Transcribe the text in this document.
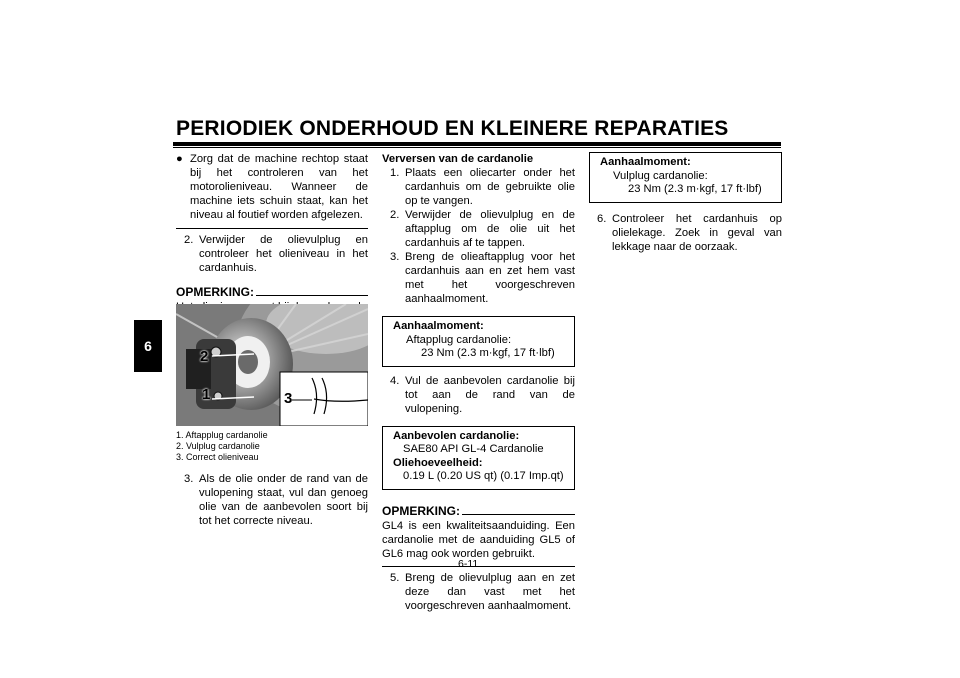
PERIODIEK ONDERHOUD EN KLEINERE REPARATIES
6
● Zorg dat de machine rechtop staat bij het controleren van het motorolieniveau. Wanneer de machine iets schuin staat, kan het niveau al foutief worden afgelezen.
2. Verwijder de olievulplug en controleer het olieniveau in het cardanhuis.
OPMERKING:

2
1	3
1. Aftapplug cardanolie
2. Vulplug cardanolie
3. Correct olieniveau
3. Als de olie onder de rand van de vulopening staat, vul dan genoeg olie van de aanbevolen soort bij tot het correcte niveau.

Verversen van de cardanolie

1. Plaats een oliecarter onder het cardanhuis om de gebruikte olie op te vangen.
2. Verwijder de olievulplug en de aftapplug om de olie uit het cardanhuis af te tappen.
3. Breng de olieaftapplug voor het cardanhuis aan en zet hem vast met het voorgeschreven aanhaalmoment.
Aanhaalmoment:
Aftapplug cardanolie:
23 Nm (2.3 m·kgf, 17 ft·lbf)
4. Vul de aanbevolen cardanolie bij tot aan de rand van de vulopening.
Aanbevolen cardanolie:
SAE80 API GL-4 Cardanolie
Oliehoeveelheid:
0.19 L (0.20 US qt) (0.17 Imp.qt)
OPMERKING:

GL4 is een kwaliteitsaanduiding. Een cardanolie met de aanduiding GL5 of GL6 mag ook worden gebruikt.

5. Breng de olievulplug aan en zet deze dan vast met het voorgeschreven aanhaalmoment.
Aanhaalmoment:
Vulplug cardanolie:
23 Nm (2.3 m·kgf, 17 ft·lbf)
6. Controleer het cardanhuis op olielekage. Zoek in geval van lekkage naar de oorzaak.
6-11
